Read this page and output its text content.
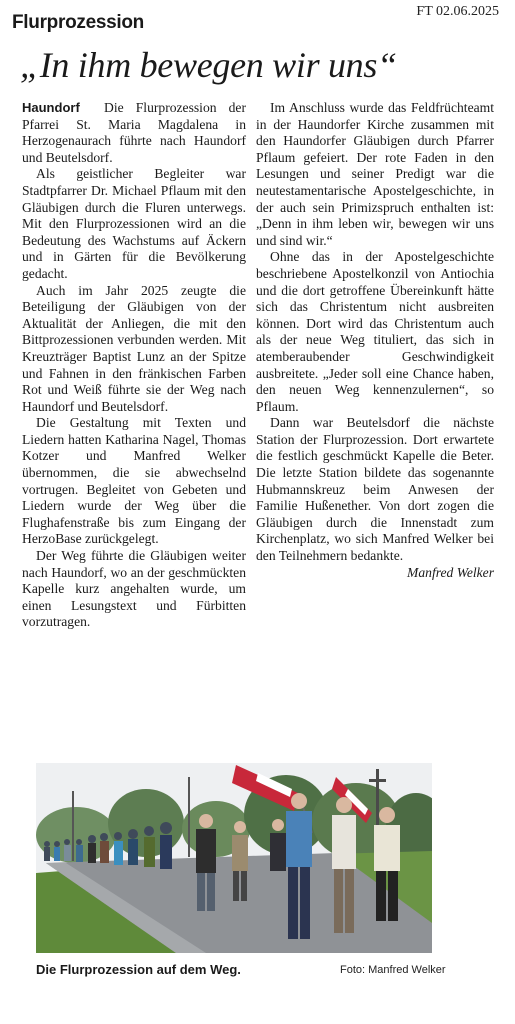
Flurprozession
FT 02.06.2025
„In ihm bewegen wir uns“

Haundorf Die Flurprozession der Pfarrei St. Maria Magdalena in Herzogenaurach führte nach Haundorf und Beutelsdorf.

Als geistlicher Begleiter war Stadtpfarrer Dr. Michael Pflaum mit den Gläubigen durch die Fluren unterwegs. Mit den Flurprozessionen wird an die Bedeutung des Wachstums auf Äckern und in Gärten für die Bevölkerung gedacht.

Auch im Jahr 2025 zeugte die Beteiligung der Gläubigen von der Aktualität der Anliegen, die mit den Bittprozessionen verbunden werden. Mit Kreuzträger Baptist Lunz an der Spitze und Fahnen in den fränkischen Farben Rot und Weiß führte sie der Weg nach Haundorf und Beutelsdorf.

Die Gestaltung mit Texten und Liedern hatten Katharina Nagel, Thomas Kotzer und Manfred Welker übernommen, die sie abwechselnd vortrugen. Begleitet von Gebeten und Liedern wurde der Weg über die Flughafenstraße bis zum Eingang der HerzoBase zurückgelegt.

Der Weg führte die Gläubigen weiter nach Haundorf, wo an der geschmückten Kapelle kurz angehalten wurde, um einen Lesungstext und Fürbitten vorzutragen.

Im Anschluss wurde das Feldfrüchteamt in der Haundorfer Kirche zusammen mit den Haundorfer Gläubigen durch Pfarrer Pflaum gefeiert. Der rote Faden in den Lesungen und seiner Predigt war die neutestamentarische Apostelgeschichte, in der auch sein Primizspruch enthalten ist: „Denn in ihm leben wir, bewegen wir uns und sind wir.“

Ohne das in der Apostelgeschichte beschriebene Apostelkonzil von Antiochia und die dort getroffene Übereinkunft hätte sich das Christentum nicht ausbreiten können. Dort wird das Christentum auch als der neue Weg tituliert, das sich in atemberaubender Geschwindigkeit ausbreitete. „Jeder soll eine Chance haben, den neuen Weg kennenzulernen“, so Pflaum.

Dann war Beutelsdorf die nächste Station der Flurprozession. Dort erwartete die festlich geschmückt Kapelle die Beter. Die letzte Station bildete das sogenannte Hubmannskreuz beim Anwesen der Familie Hußenether. Von dort zogen die Gläubigen durch die Innenstadt zum Kirchenplatz, wo sich Manfred Welker bei den Teilnehmern bedankte.

Manfred Welker

Die Flurprozession auf dem Weg.	Foto: Manfred Welker
